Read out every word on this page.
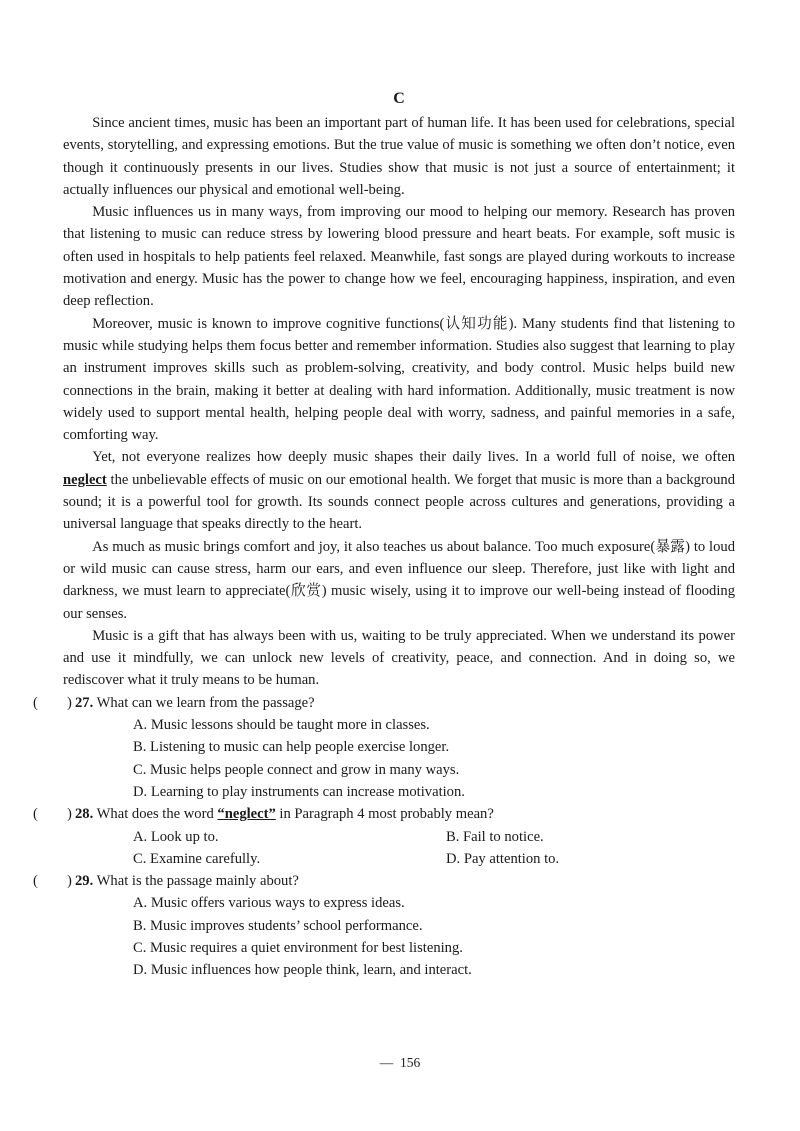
C

Since ancient times, music has been an important part of human life. It has been used for celebrations, special events, storytelling, and expressing emotions. But the true value of music is something we often don’t notice, even though it continuously presents in our lives. Studies show that music is not just a source of entertainment; it actually influences our physical and emotional well-being.

Music influences us in many ways, from improving our mood to helping our memory. Research has proven that listening to music can reduce stress by lowering blood pressure and heart beats. For example, soft music is often used in hospitals to help patients feel relaxed. Meanwhile, fast songs are played during workouts to increase motivation and energy. Music has the power to change how we feel, encouraging happiness, inspiration, and even deep reflection.

Moreover, music is known to improve cognitive functions(认知功能). Many students find that listening to music while studying helps them focus better and remember information. Studies also suggest that learning to play an instrument improves skills such as problem-solving, creativity, and body control. Music helps build new connections in the brain, making it better at dealing with hard information. Additionally, music treatment is now widely used to support mental health, helping people deal with worry, sadness, and painful memories in a safe, comforting way.

Yet, not everyone realizes how deeply music shapes their daily lives. In a world full of noise, we often neglect the unbelievable effects of music on our emotional health. We forget that music is more than a background sound; it is a powerful tool for growth. Its sounds connect people across cultures and generations, providing a universal language that speaks directly to the heart.

As much as music brings comfort and joy, it also teaches us about balance. Too much exposure(暴露) to loud or wild music can cause stress, harm our ears, and even influence our sleep. Therefore, just like with light and darkness, we must learn to appreciate(欣赏) music wisely, using it to improve our well-being instead of flooding our senses.

Music is a gift that has always been with us, waiting to be truly appreciated. When we understand its power and use it mindfully, we can unlock new levels of creativity, peace, and connection. And in doing so, we rediscover what it truly means to be human.

(　　) 27. What can we learn from the passage?
A. Music lessons should be taught more in classes.
B. Listening to music can help people exercise longer.
C. Music helps people connect and grow in many ways.
D. Learning to play instruments can increase motivation.
(　　) 28. What does the word “neglect” in Paragraph 4 most probably mean?
A. Look up to.	B. Fail to notice.
C. Examine carefully.	D. Pay attention to.
(　　) 29. What is the passage mainly about?
A. Music offers various ways to express ideas.
B. Music improves students’ school performance.
C. Music requires a quiet environment for best listening.
D. Music influences how people think, learn, and interact.
— 156
